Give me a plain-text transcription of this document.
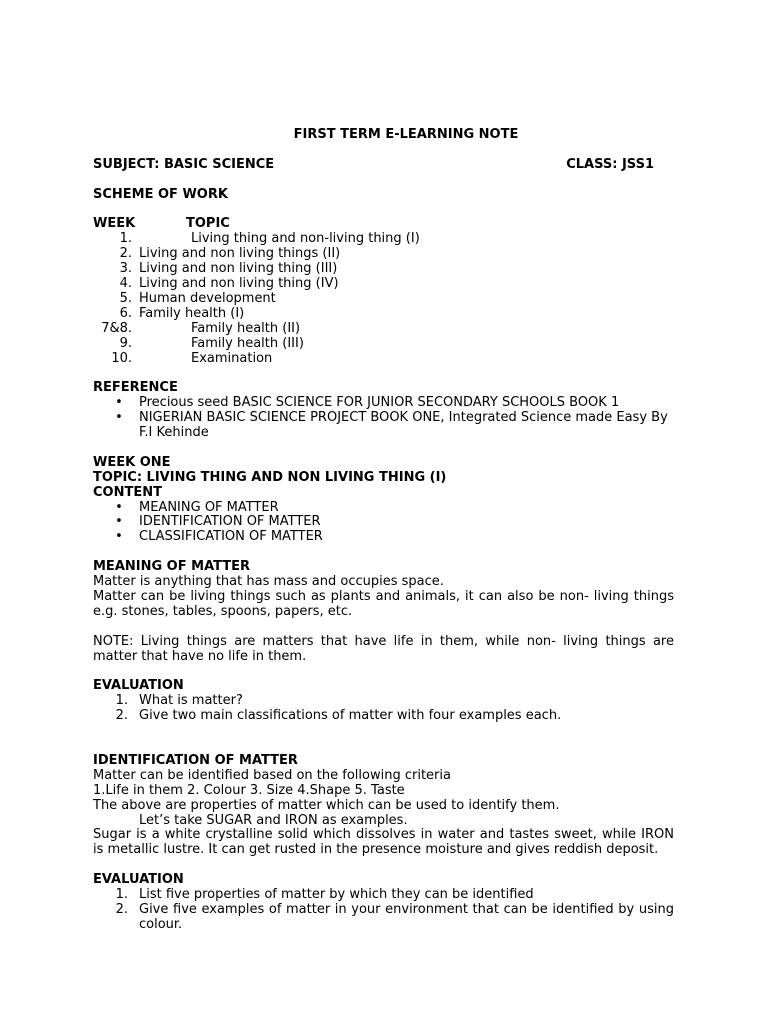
FIRST TERM E-LEARNING NOTE
SUBJECT: BASIC SCIENCE	CLASS: JSS1
SCHEME OF WORK
WEEK	TOPIC
1.	Living thing and non-living thing (I)
2. Living and non living things (II)
3. Living and non living thing (III)
4. Living and non living thing (IV)
5. Human development
6. Family health (I)
7&8.	Family health (II)
9.	Family health (III)
10.	Examination
REFERENCE
•	Precious seed BASIC SCIENCE FOR JUNIOR SECONDARY SCHOOLS BOOK 1
•	NIGERIAN BASIC SCIENCE PROJECT BOOK ONE, Integrated Science made Easy By F.I Kehinde
WEEK ONE
TOPIC: LIVING THING AND NON LIVING THING (I)
CONTENT
•	MEANING OF MATTER
•	IDENTIFICATION OF MATTER
•	CLASSIFICATION OF MATTER
MEANING OF MATTER
Matter is anything that has mass and occupies space.
Matter can be living things such as plants and animals, it can also be non- living things e.g. stones, tables, spoons, papers, etc.
NOTE: Living things are matters that have life in them, while non- living things are matter that have no life in them.
EVALUATION
1. What is matter?
2. Give two main classifications of matter with four examples each.
IDENTIFICATION OF MATTER
Matter can be identified based on the following criteria
1.Life in them 2. Colour 3. Size 4.Shape 5. Taste
The above are properties of matter which can be used to identify them.
Let’s take SUGAR and IRON as examples.
Sugar is a white crystalline solid which dissolves in water and tastes sweet, while IRON is metallic lustre. It can get rusted in the presence moisture and gives reddish deposit.
EVALUATION
1. List five properties of matter by which they can be identified
2. Give five examples of matter in your environment that can be identified by using colour.
